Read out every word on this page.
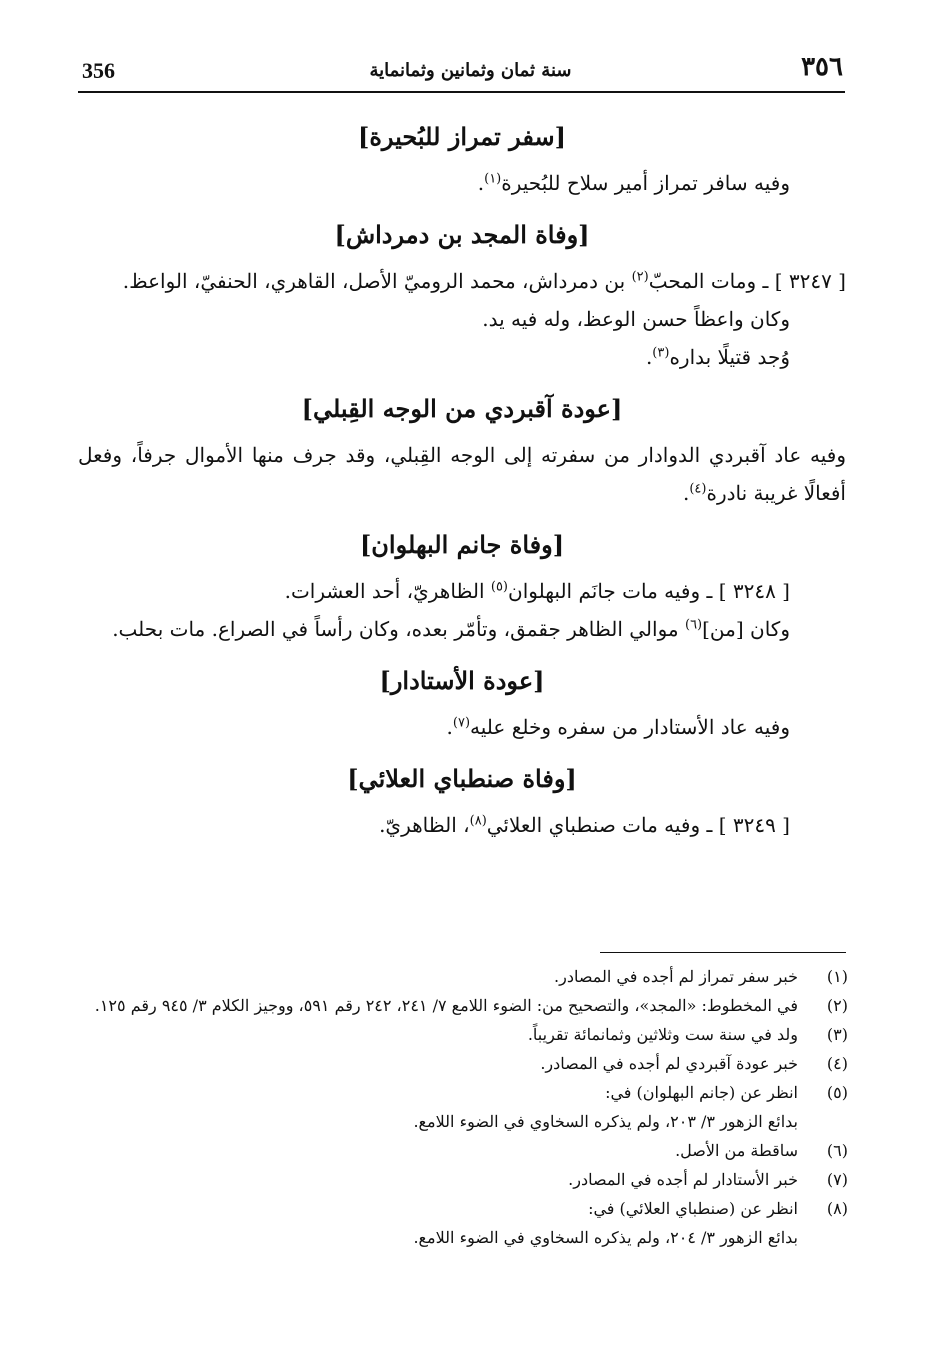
356	سنة ثمان وثمانين وثمانماية	٣٥٦
[سفر تمراز للبُحيرة]

وفيه سافر تمراز أمير سلاح للبُحيرة$^{(١)}$.

[وفاة المجد بن دمرداش]

[ ٣٢٤٧ ] ـ ومات المحبّ$^{(٢)}$ بن دمرداش، محمد الروميّ الأصل، القاهري، الحنفيّ، الواعظ.

وكان واعظاً حسن الوعظ، وله فيه يد.

وُجد قتيلًا بداره$^{(٣)}$.

[عودة آقبردي من الوجه القِبلي]

وفيه عاد آقبردي الدوادار من سفرته إلى الوجه القِبلي، وقد جرف منها الأموال جرفاً، وفعل أفعالًا غريبة نادرة$^{(٤)}$.

[وفاة جانم البهلوان]

[ ٣٢٤٨ ] ـ وفيه مات جانَم البهلوان$^{(٥)}$ الظاهريّ، أحد العشرات.

وكان [من]$^{(٦)}$ موالي الظاهر جقمق، وتأمّر بعده، وكان رأساً في الصراع. مات بحلب.

[عودة الأستادار]

وفيه عاد الأستادار من سفره وخلع عليه$^{(٧)}$.

[وفاة صنطباي العلائي]

[ ٣٢٤٩ ] ـ وفيه مات صنطباي العلائي$^{(٨)}$، الظاهريّ.

(١)
خبر سفر تمراز لم أجده في المصادر.
(٢)
في المخطوط: «المجد»، والتصحيح من: الضوء اللامع ٧/ ٢٤١، ٢٤٢ رقم ٥٩١، ووجيز الكلام ٣/ ٩٤٥ رقم ١٢٥.
(٣)
ولد في سنة ست وثلاثين وثمانمائة تقريباً.
(٤)
خبر عودة آقبردي لم أجده في المصادر.
(٥)
انظر عن (جانم البهلوان) في:
بدائع الزهور ٣/ ٢٠٣، ولم يذكره السخاوي في الضوء اللامع.
(٦)
ساقطة من الأصل.
(٧)
خبر الأستادار لم أجده في المصادر.
(٨)
انظر عن (صنطباي العلائي) في:
بدائع الزهور ٣/ ٢٠٤، ولم يذكره السخاوي في الضوء اللامع.
